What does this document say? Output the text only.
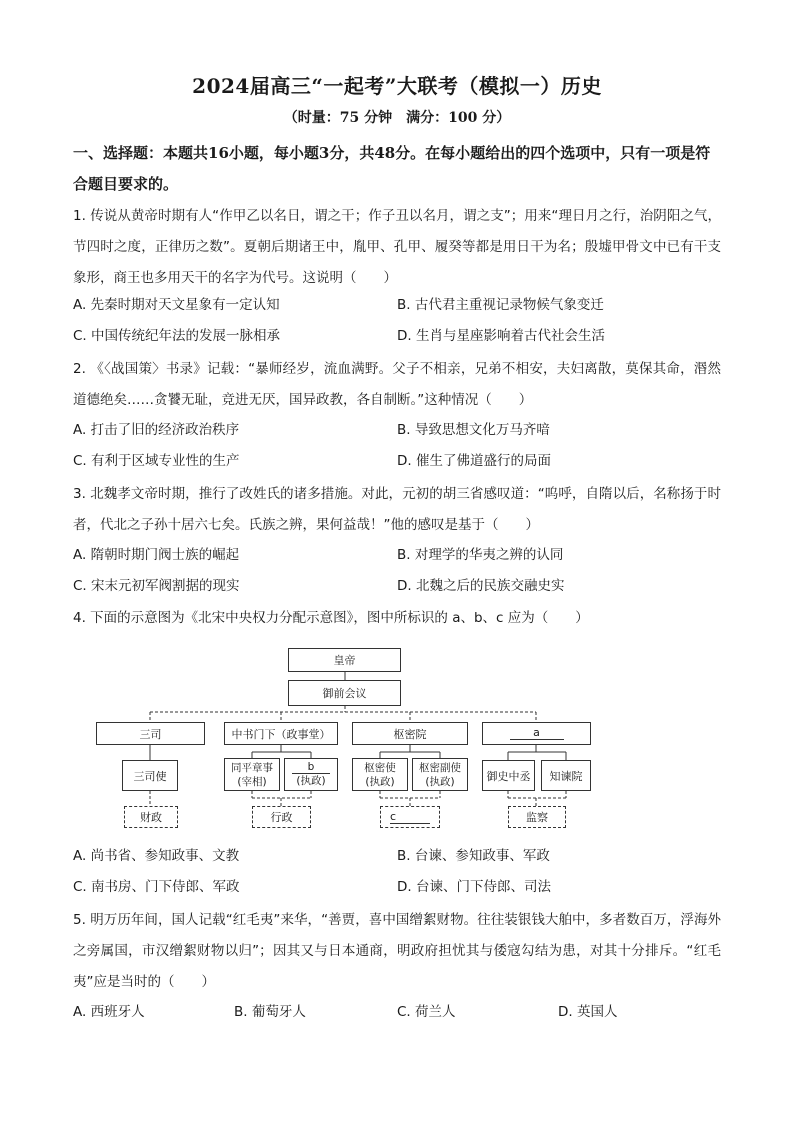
2024届高三“一起考”大联考（模拟一）历史
（时量：75 分钟　满分：100 分）
一、选择题：本题共16小题，每小题3分，共48分。在每小题给出的四个选项中，只有一项是符合题目要求的。
1. 传说从黄帝时期有人“作甲乙以名日，谓之干；作子丑以名月，谓之支”；用来“理日月之行，治阴阳之气，节四时之度，正律历之数”。夏朝后期诸王中，胤甲、孔甲、履癸等都是用日干为名；殷墟甲骨文中已有干支象形，商王也多用天干的名字为代号。这说明（　　）
A. 先秦时期对天文星象有一定认知	B. 古代君主重视记录物候气象变迁
C. 中国传统纪年法的发展一脉相承	D. 生肖与星座影响着古代社会生活
2. 《〈战国策〉书录》记载：“暴师经岁，流血满野。父子不相亲，兄弟不相安，夫妇离散，莫保其命，湣然道德绝矣……贪饕无耻，竞进无厌，国异政教，各自制断。”这种情况（　　）
A. 打击了旧的经济政治秩序	B. 导致思想文化万马齐喑
C. 有利于区域专业性的生产	D. 催生了佛道盛行的局面
3. 北魏孝文帝时期，推行了改姓氏的诸多措施。对此，元初的胡三省感叹道：“呜呼，自隋以后，名称扬于时者，代北之子孙十居六七矣。氏族之辨，果何益哉！”他的感叹是基于（　　）
A. 隋朝时期门阀士族的崛起	B. 对理学的华夷之辨的认同
C. 宋末元初军阀割据的现实	D. 北魏之后的民族交融史实
4. 下面的示意图为《北宋中央权力分配示意图》，图中所标识的 a、b、c 应为（　　）
皇帝
御前会议
三司	中书门下（政事堂）	枢密院	a
三司使
同平章事
(宰相)
b
(执政)
枢密使
(执政)
枢密副使
(执政)	御史中丞	知谏院
财政	行政	c	监察
A. 尚书省、参知政事、文教	B. 台谏、参知政事、军政
C. 南书房、门下侍郎、军政	D. 台谏、门下侍郎、司法
5. 明万历年间，国人记载“红毛夷”来华，“善贾，喜中国缯絮财物。往往装银钱大舶中，多者数百万，浮海外之旁属国，市汉缯絮财物以归”；因其又与日本通商，明政府担忧其与倭寇勾结为患，对其十分排斥。“红毛夷”应是当时的（　　）
A. 西班牙人	B. 葡萄牙人	C. 荷兰人	D. 英国人
